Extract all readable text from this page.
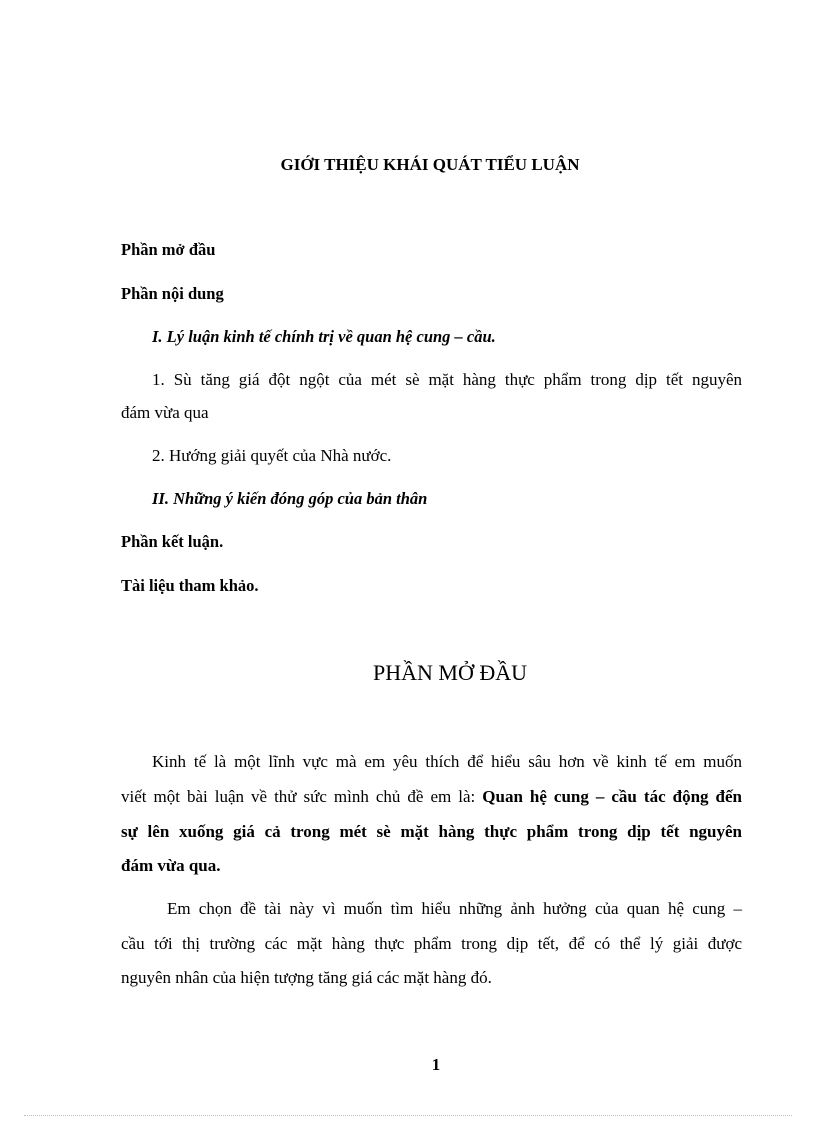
GIỚI THIỆU KHÁI QUÁT TIỂU LUẬN
Phần mở đầu
Phần nội dung
I. Lý luận kinh tế chính trị về quan hệ cung – cầu.
1. Sù tăng giá đột ngột của mét sè mặt hàng thực phẩm trong dịp tết nguyên
đám vừa qua
2. Hướng giải quyết của Nhà nước.
II. Những ý kiến đóng góp của bản thân
Phần kết luận.
Tài liệu tham khảo.
PHẦN MỞ ĐẦU
Kinh tế là một lĩnh vực mà em yêu thích để hiểu sâu hơn về kinh tế em muốn
viết một bài luận về thử sức mình chủ đề em là: Quan hệ cung – cầu tác động đến
sự lên xuống giá cả trong mét sè mặt hàng thực phẩm trong dịp tết nguyên
đám vừa qua.
Em chọn đề tài này vì muốn tìm hiểu những ảnh hưởng của quan hệ cung –
cầu tới thị trường các mặt hàng thực phẩm trong dịp tết, để có thể lý giải được
nguyên nhân của hiện tượng tăng giá các mặt hàng đó.
1
